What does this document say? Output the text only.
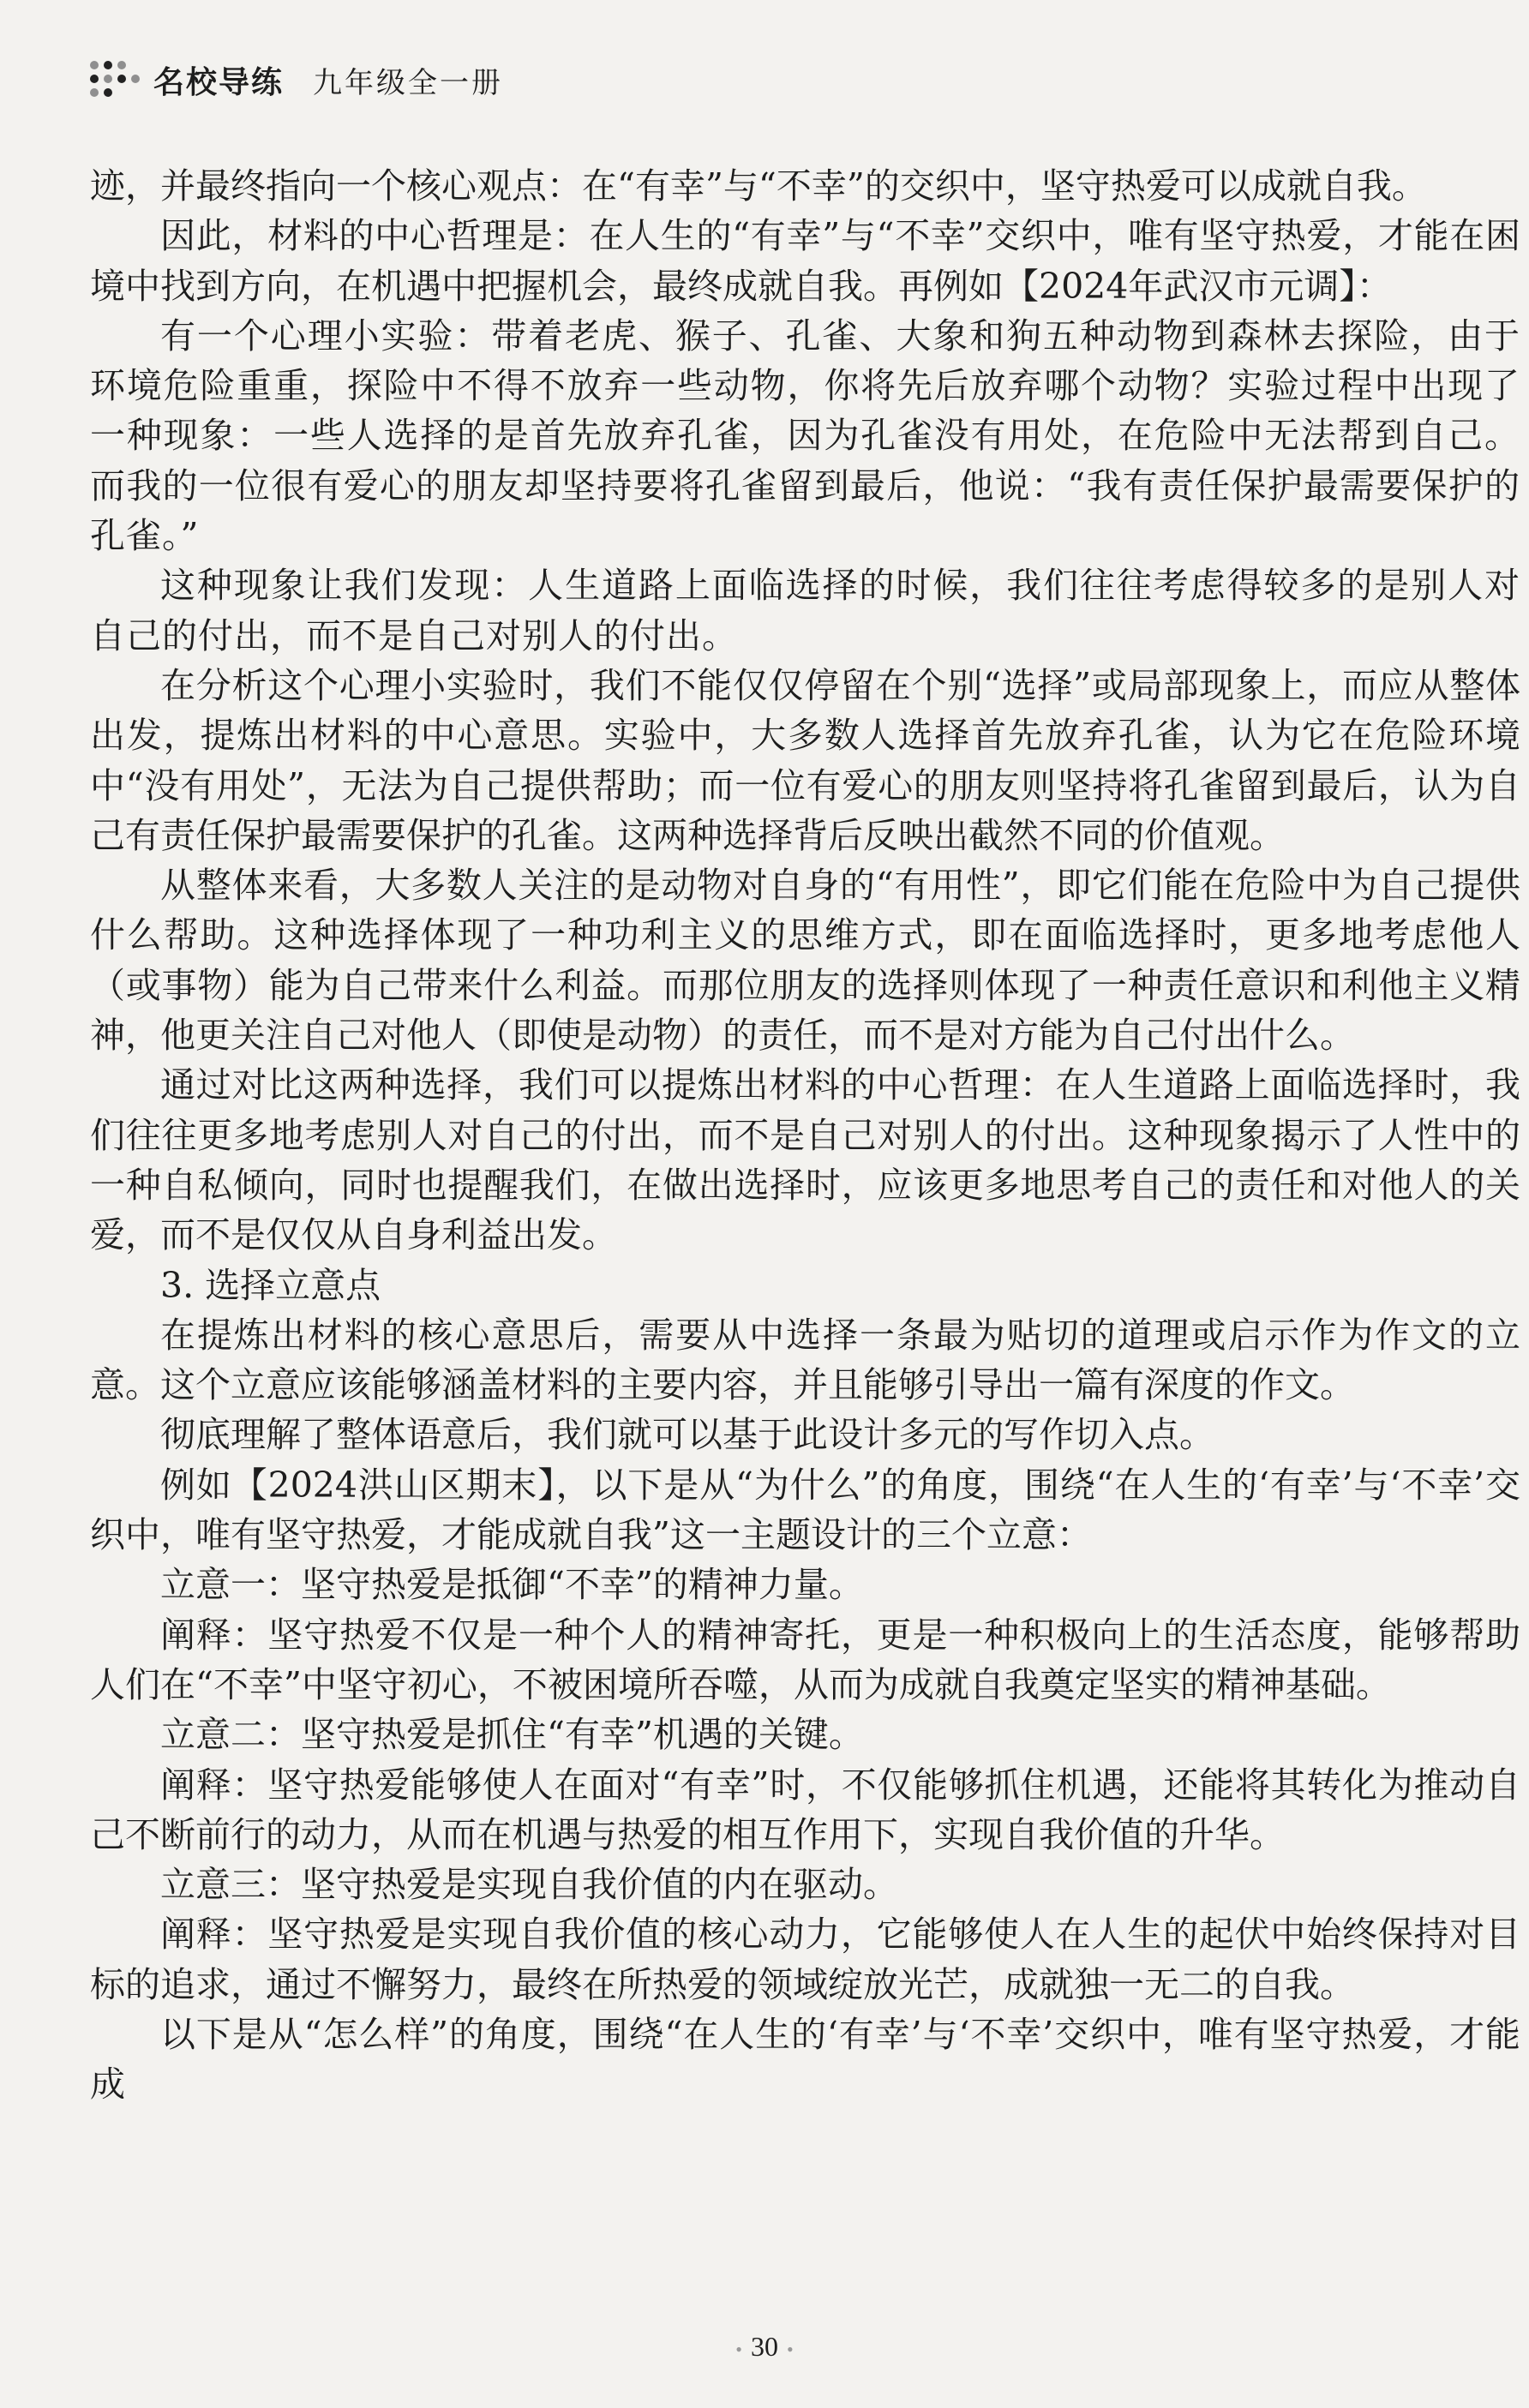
名校导练 九年级全一册

迹，并最终指向一个核心观点：在“有幸”与“不幸”的交织中，坚守热爱可以成就自我。

因此，材料的中心哲理是：在人生的“有幸”与“不幸”交织中，唯有坚守热爱，才能在困境中找到方向，在机遇中把握机会，最终成就自我。再例如【2024年武汉市元调】：

有一个心理小实验：带着老虎、猴子、孔雀、大象和狗五种动物到森林去探险，由于环境危险重重，探险中不得不放弃一些动物，你将先后放弃哪个动物？实验过程中出现了一种现象：一些人选择的是首先放弃孔雀，因为孔雀没有用处，在危险中无法帮到自己。而我的一位很有爱心的朋友却坚持要将孔雀留到最后，他说：“我有责任保护最需要保护的孔雀。”

这种现象让我们发现：人生道路上面临选择的时候，我们往往考虑得较多的是别人对自己的付出，而不是自己对别人的付出。

在分析这个心理小实验时，我们不能仅仅停留在个别“选择”或局部现象上，而应从整体出发，提炼出材料的中心意思。实验中，大多数人选择首先放弃孔雀，认为它在危险环境中“没有用处”，无法为自己提供帮助；而一位有爱心的朋友则坚持将孔雀留到最后，认为自己有责任保护最需要保护的孔雀。这两种选择背后反映出截然不同的价值观。

从整体来看，大多数人关注的是动物对自身的“有用性”，即它们能在危险中为自己提供什么帮助。这种选择体现了一种功利主义的思维方式，即在面临选择时，更多地考虑他人（或事物）能为自己带来什么利益。而那位朋友的选择则体现了一种责任意识和利他主义精神，他更关注自己对他人（即使是动物）的责任，而不是对方能为自己付出什么。

通过对比这两种选择，我们可以提炼出材料的中心哲理：在人生道路上面临选择时，我们往往更多地考虑别人对自己的付出，而不是自己对别人的付出。这种现象揭示了人性中的一种自私倾向，同时也提醒我们，在做出选择时，应该更多地思考自己的责任和对他人的关爱，而不是仅仅从自身利益出发。

3. 选择立意点

在提炼出材料的核心意思后，需要从中选择一条最为贴切的道理或启示作为作文的立意。这个立意应该能够涵盖材料的主要内容，并且能够引导出一篇有深度的作文。

彻底理解了整体语意后，我们就可以基于此设计多元的写作切入点。

例如【2024洪山区期末】，以下是从“为什么”的角度，围绕“在人生的‘有幸’与‘不幸’交织中，唯有坚守热爱，才能成就自我”这一主题设计的三个立意：

立意一：坚守热爱是抵御“不幸”的精神力量。

阐释：坚守热爱不仅是一种个人的精神寄托，更是一种积极向上的生活态度，能够帮助人们在“不幸”中坚守初心，不被困境所吞噬，从而为成就自我奠定坚实的精神基础。

立意二：坚守热爱是抓住“有幸”机遇的关键。

阐释：坚守热爱能够使人在面对“有幸”时，不仅能够抓住机遇，还能将其转化为推动自己不断前行的动力，从而在机遇与热爱的相互作用下，实现自我价值的升华。

立意三：坚守热爱是实现自我价值的内在驱动。

阐释：坚守热爱是实现自我价值的核心动力，它能够使人在人生的起伏中始终保持对目标的追求，通过不懈努力，最终在所热爱的领域绽放光芒，成就独一无二的自我。

以下是从“怎么样”的角度，围绕“在人生的‘有幸’与‘不幸’交织中，唯有坚守热爱，才能成

• 30 •
